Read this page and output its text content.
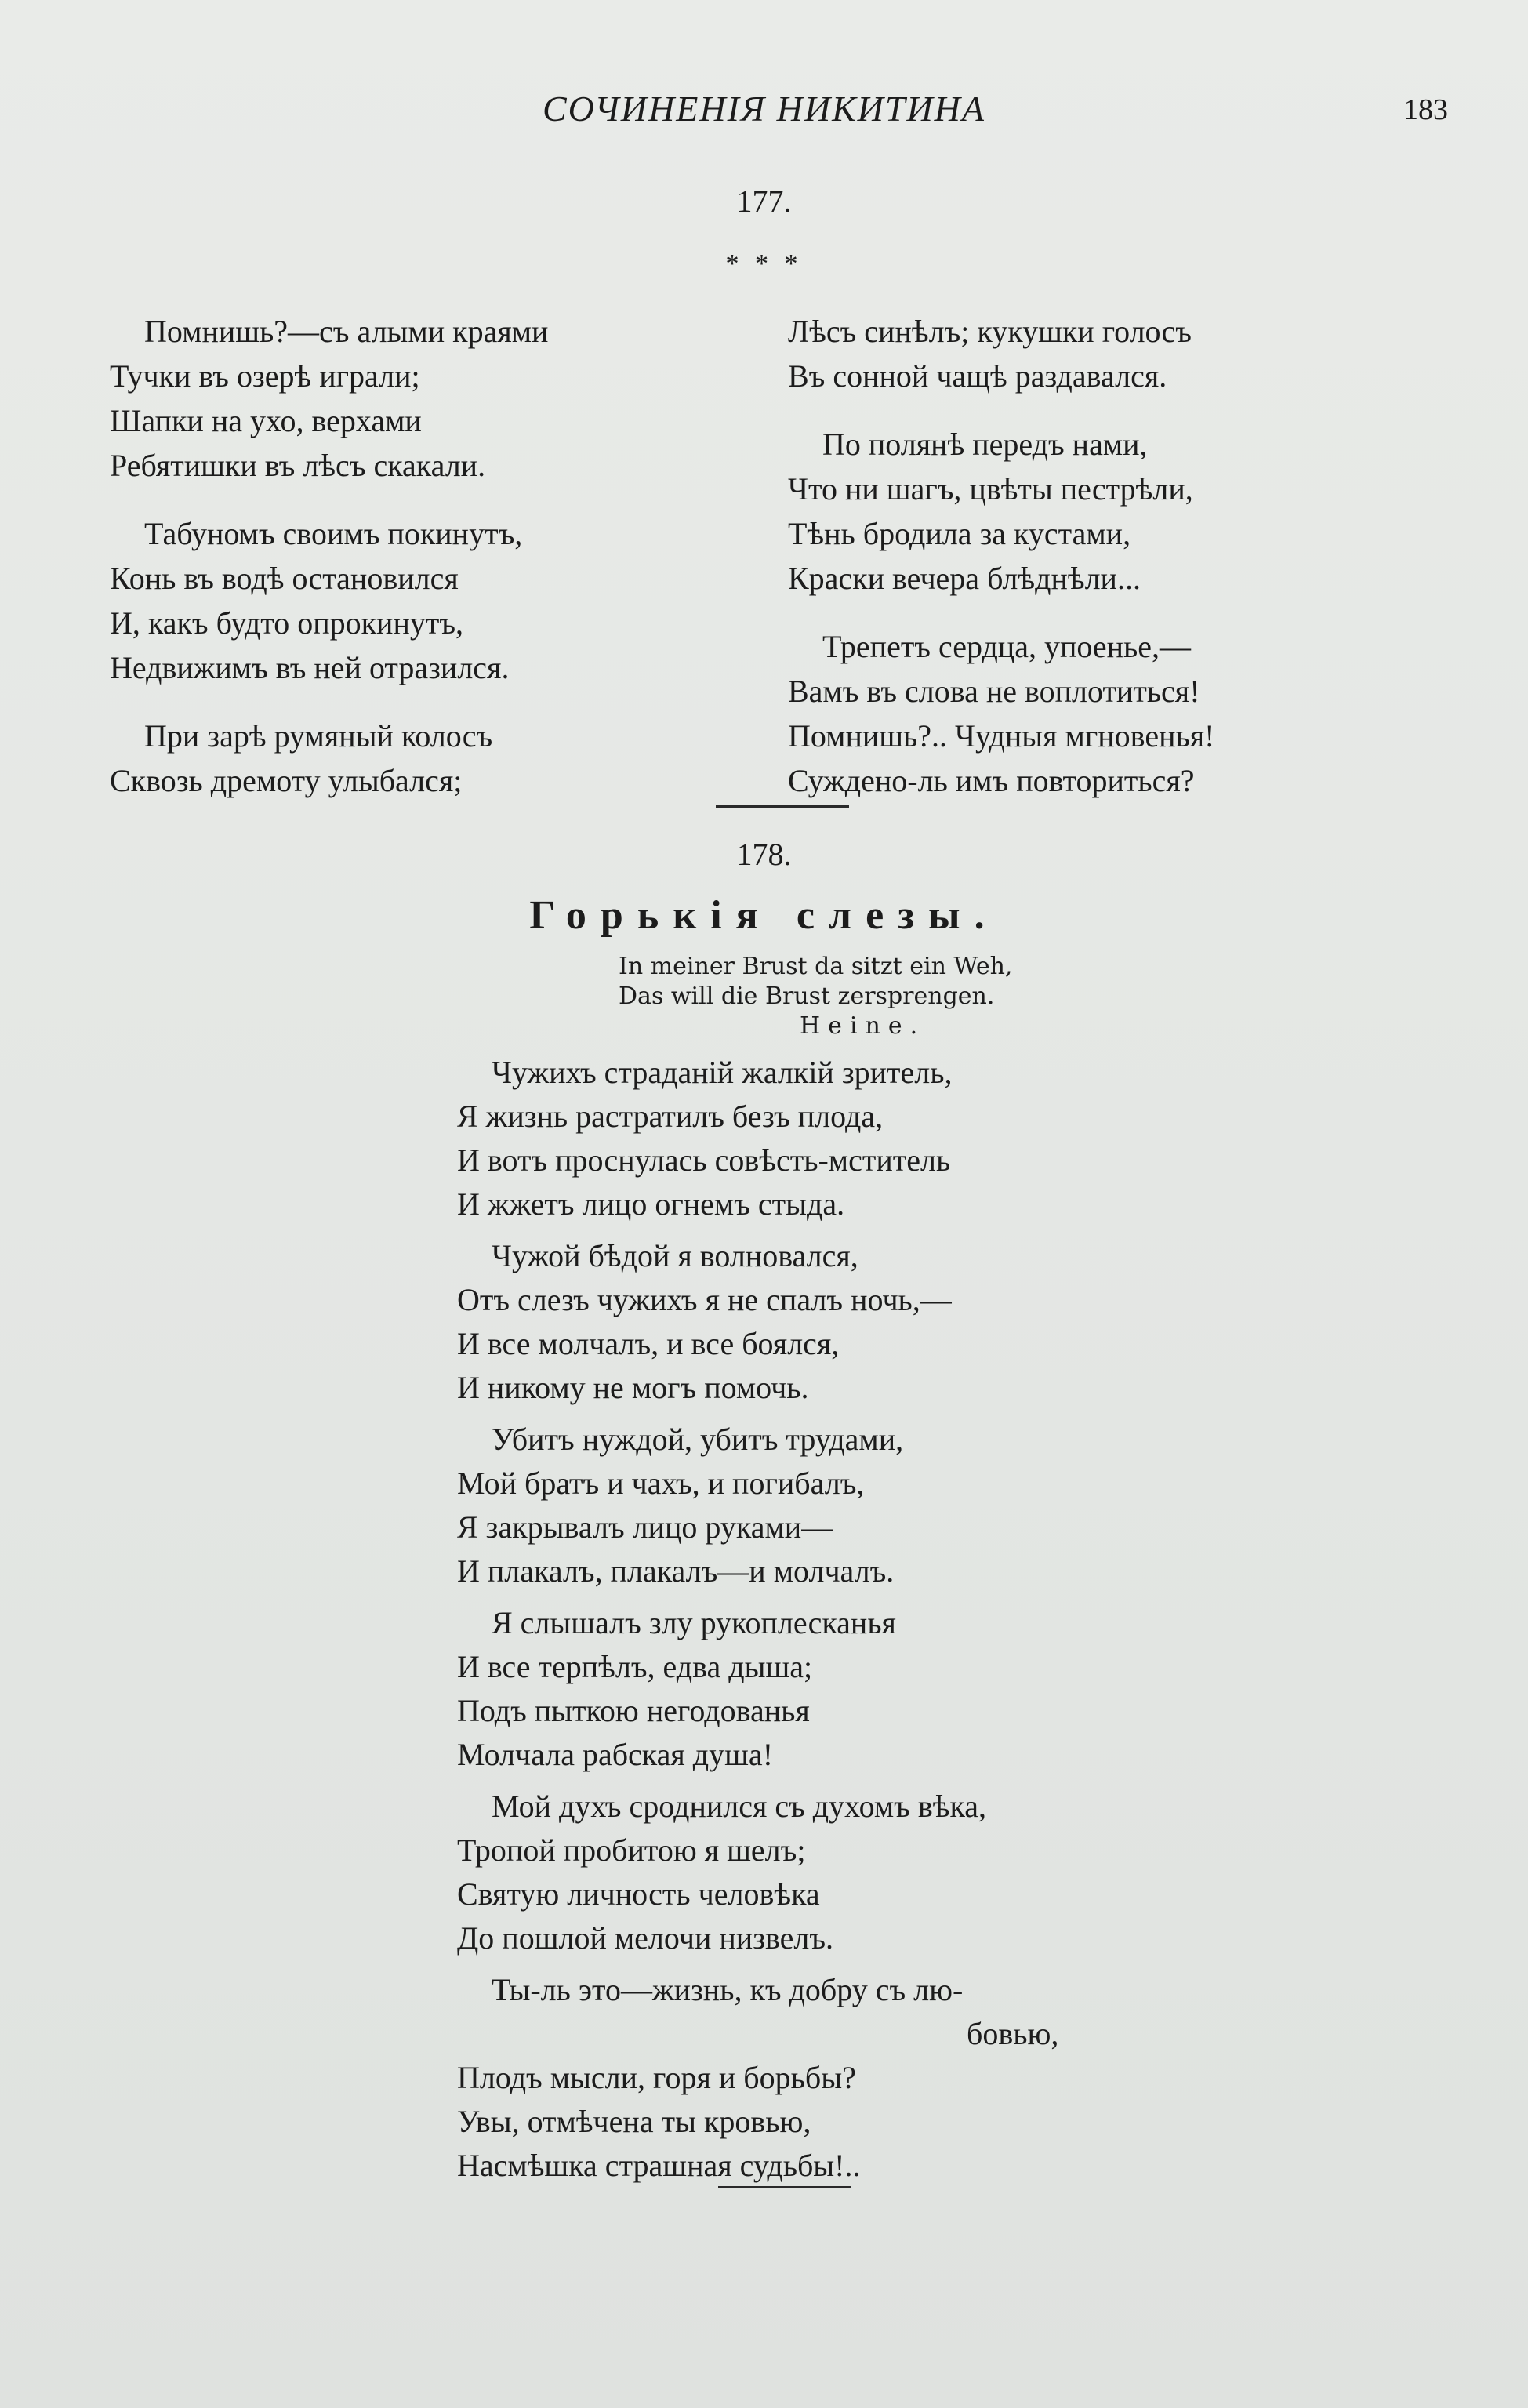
СОЧИНЕНІЯ НИКИТИНА	183
177.
* * *
Помнишь?—съ алыми краями
Тучки въ озерѣ играли;
Шапки на ухо, верхами
Ребятишки въ лѣсъ скакали.
Табуномъ своимъ покинутъ,
Конь въ водѣ остановился
И, какъ будто опрокинутъ,
Недвижимъ въ ней отразился.
При зарѣ румяный колосъ
Сквозь дремоту улыбался;
Лѣсъ синѣлъ; кукушки голосъ
Въ сонной чащѣ раздавался.
По полянѣ передъ нами,
Что ни шагъ, цвѣты пестрѣли,
Тѣнь бродила за кустами,
Краски вечера блѣднѣли...
Трепетъ сердца, упоенье,—
Вамъ въ слова не воплотиться!
Помнишь?.. Чудныя мгновенья!
Суждено-ль имъ повториться?
178.
Горькія слезы.
In meiner Brust da sitzt ein Weh,
Das will die Brust zersprengen.
Heine.
Чужихъ страданій жалкій зритель,
Я жизнь растратилъ безъ плода,
И вотъ проснулась совѣсть-мститель
И жжетъ лицо огнемъ стыда.
Чужой бѣдой я волновался,
Отъ слезъ чужихъ я не спалъ ночь,—
И все молчалъ, и все боялся,
И никому не могъ помочь.
Убитъ нуждой, убитъ трудами,
Мой братъ и чахъ, и погибалъ,
Я закрывалъ лицо руками—
И плакалъ, плакалъ—и молчалъ.
Я слышалъ злу рукоплесканья
И все терпѣлъ, едва дыша;
Подъ пыткою негодованья
Молчала рабская душа!
Мой духъ сроднился съ духомъ вѣка,
Тропой пробитою я шелъ;
Святую личность человѣка
До пошлой мелочи низвелъ.
Ты-ль это—жизнь, къ добру съ лю-
бовью,
Плодъ мысли, горя и борьбы?
Увы, отмѣчена ты кровью,
Насмѣшка страшная судьбы!..
